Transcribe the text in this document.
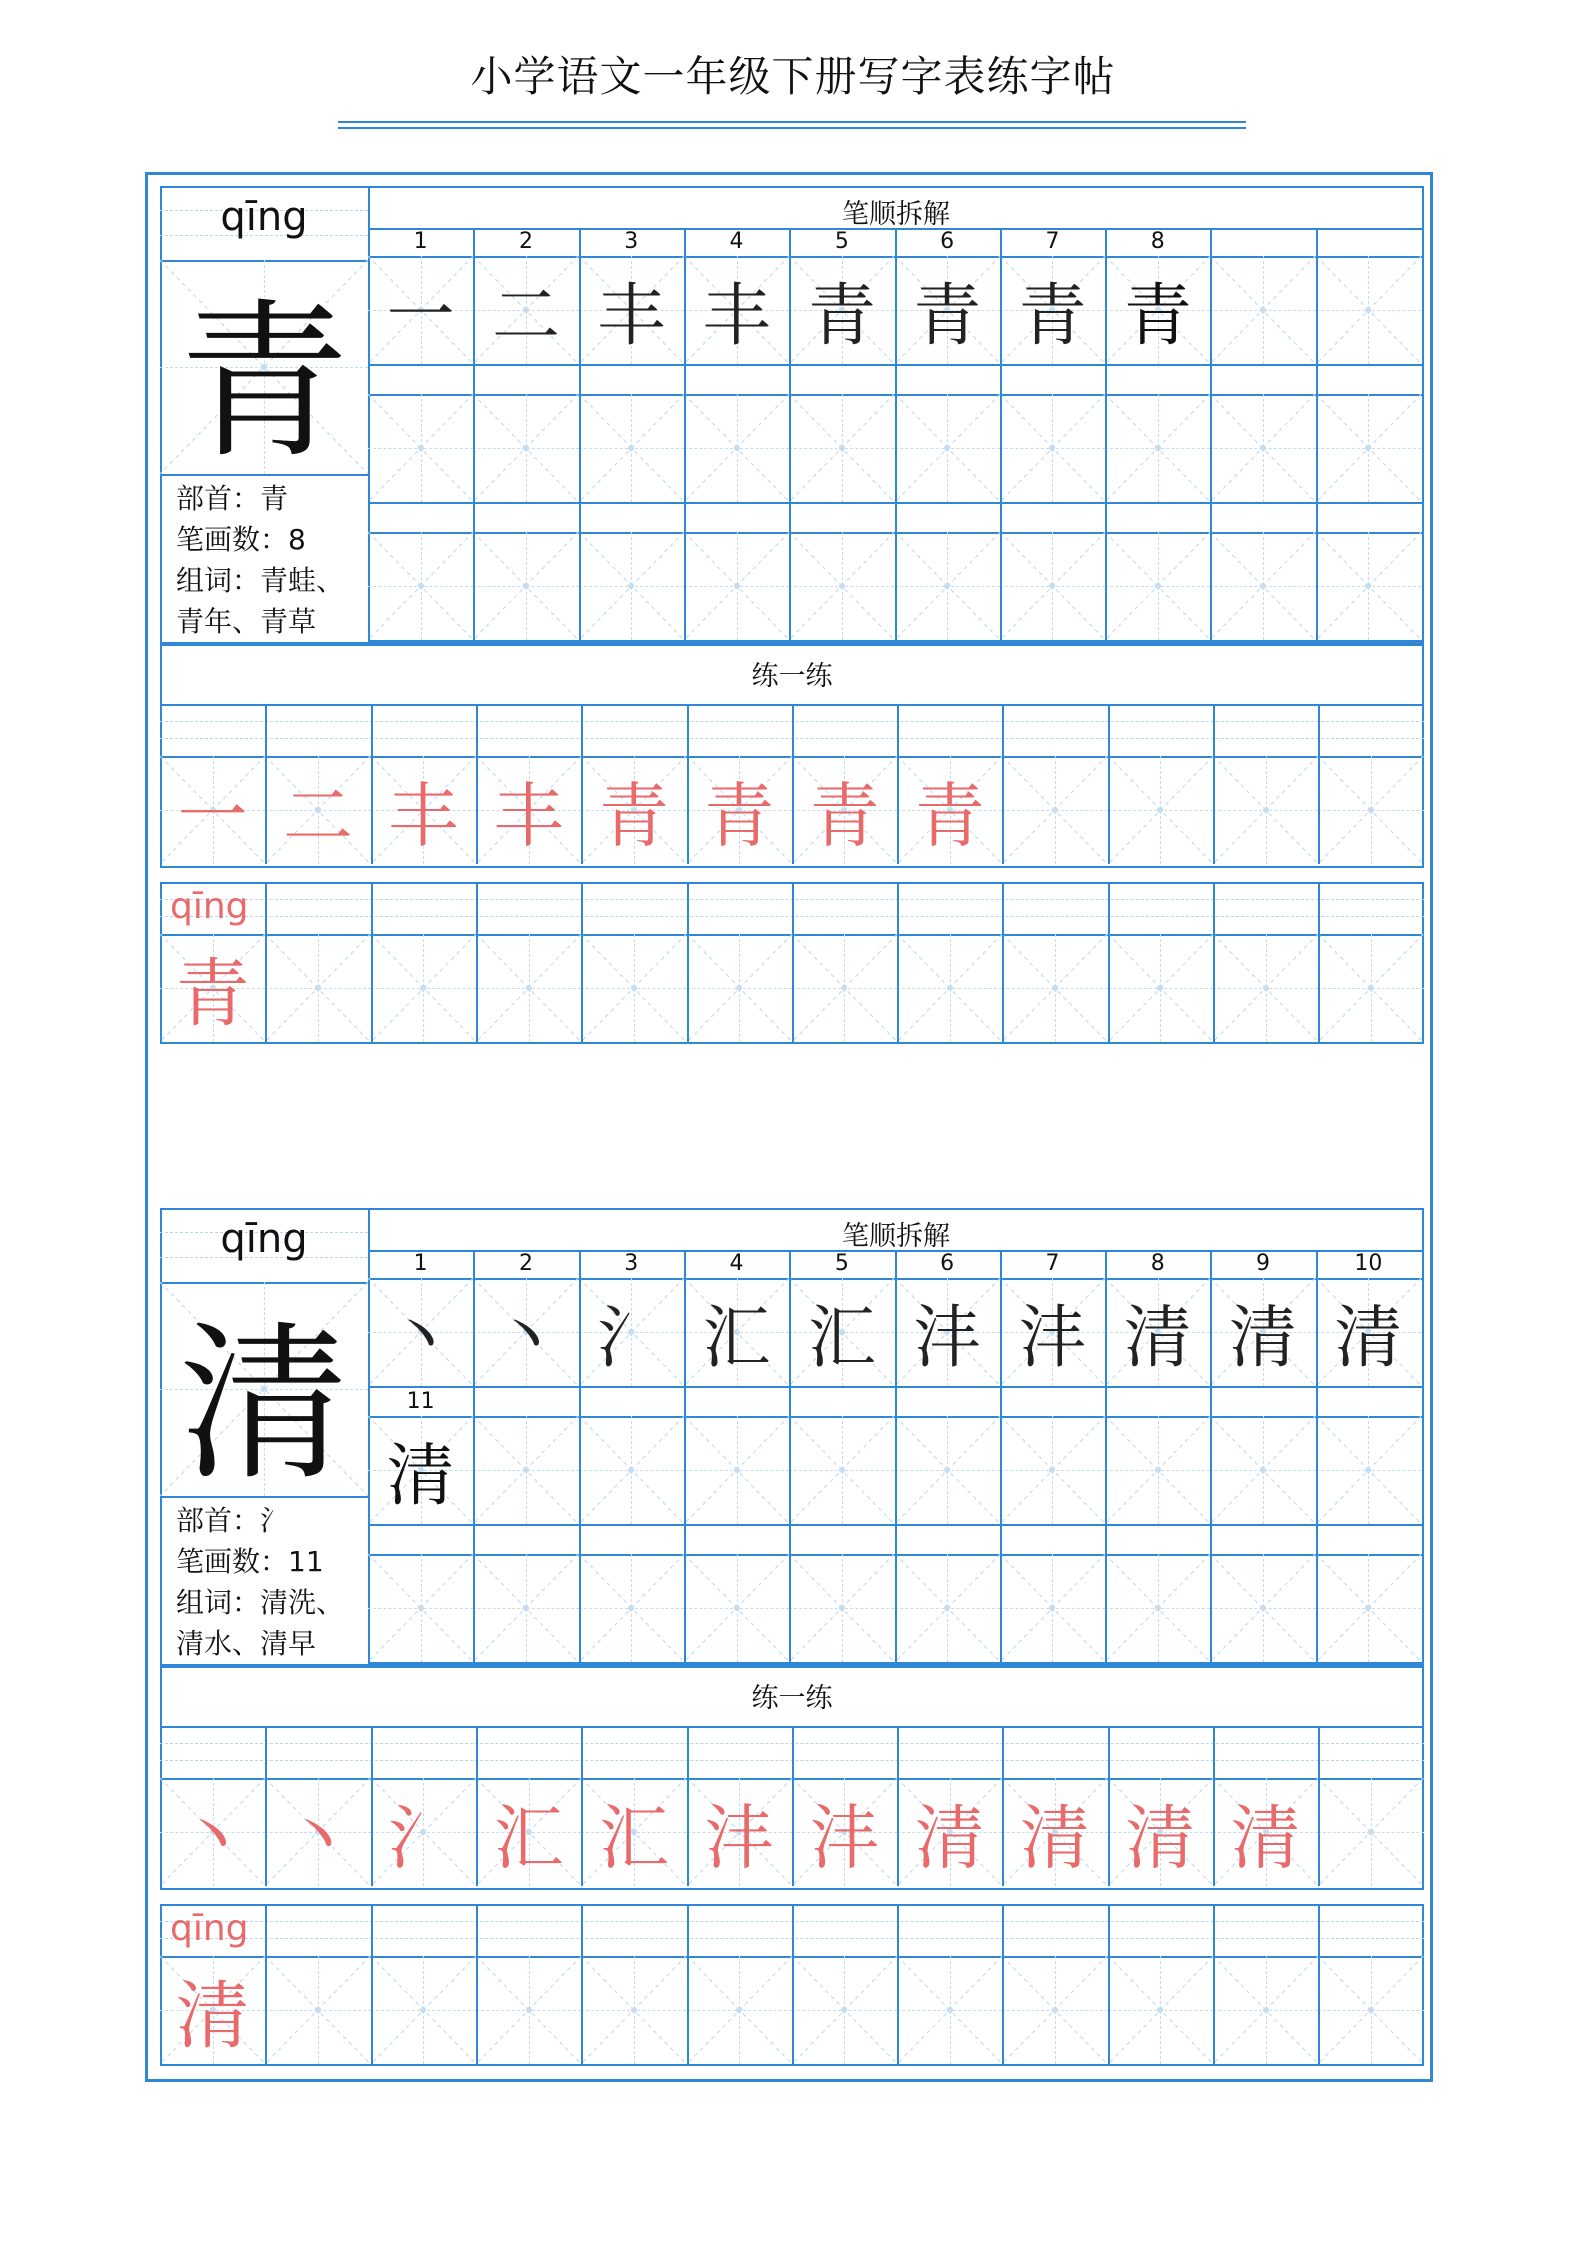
小学语文一年级下册写字表练字帖
qīng
青
部首：青
笔画数：8
组词：青蛙、
青年、青草
笔顺拆解
1
一
2
二
3
丰
4
丰
5
青
6
青
7
青
8
青
练一练
一 二 丰 丰 青 青 青 青
qīng
青
qīng
清
部首：氵
笔画数：11
组词：清洗、
清水、清早
笔顺拆解
1
丶
2
丶
3
氵
4
汇
5
汇
6
沣
7
沣
8
清
9
清
10
清
11
清
练一练
丶 丶 氵 汇 汇 沣 沣 清 清 清 清
qīng
清
